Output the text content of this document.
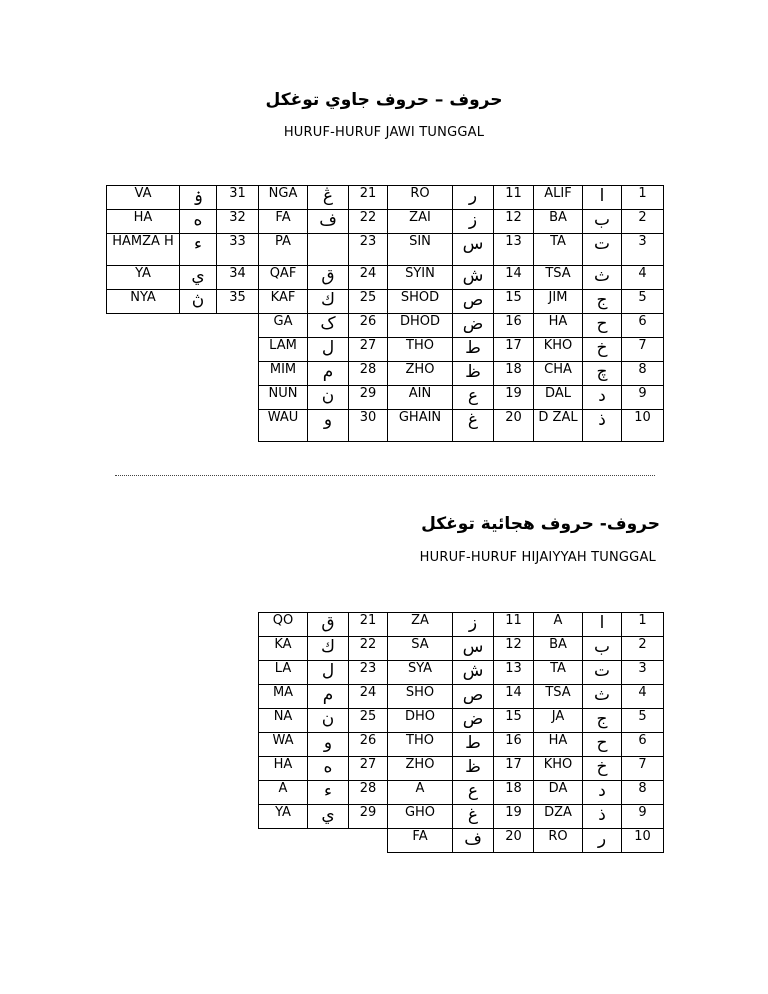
حروف – حروف جاوي توغكل
HURUF-HURUF JAWI TUNGGAL
VA	ۏ	31	NGA	ڠ	21	RO	ر	11	ALIF	ا	1
HA	ه	32	FA	ف	22	ZAI	ز	12	BA	ب	2
HAMZA H	ء	33	PA		23	SIN	س	13	TA	ت	3
YA	ي	34	QAF	ق	24	SYIN	ش	14	TSA	ث	4
NYA	ڽ	35	KAF	ك	25	SHOD	ص	15	JIM	ج	5
			GA	ک	26	DHOD	ض	16	HA	ح	6
			LAM	ل	27	THO	ط	17	KHO	خ	7
			MIM	م	28	ZHO	ظ	18	CHA	چ	8
			NUN	ن	29	AIN	ع	19	DAL	د	9
			WAU	و	30	GHAIN	غ	20	D ZAL	ذ	10
حروف- حروف هجائية توغكل
HURUF-HURUF HIJAIYYAH TUNGGAL
QO	ق	21	ZA	ز	11	A	ا	1
KA	ك	22	SA	س	12	BA	ب	2
LA	ل	23	SYA	ش	13	TA	ت	3
MA	م	24	SHO	ص	14	TSA	ث	4
NA	ن	25	DHO	ض	15	JA	ج	5
WA	و	26	THO	ط	16	HA	ح	6
HA	ه	27	ZHO	ظ	17	KHO	خ	7
A	ء	28	A	ع	18	DA	د	8
YA	ي	29	GHO	غ	19	DZA	ذ	9
			FA	ف	20	RO	ر	10
